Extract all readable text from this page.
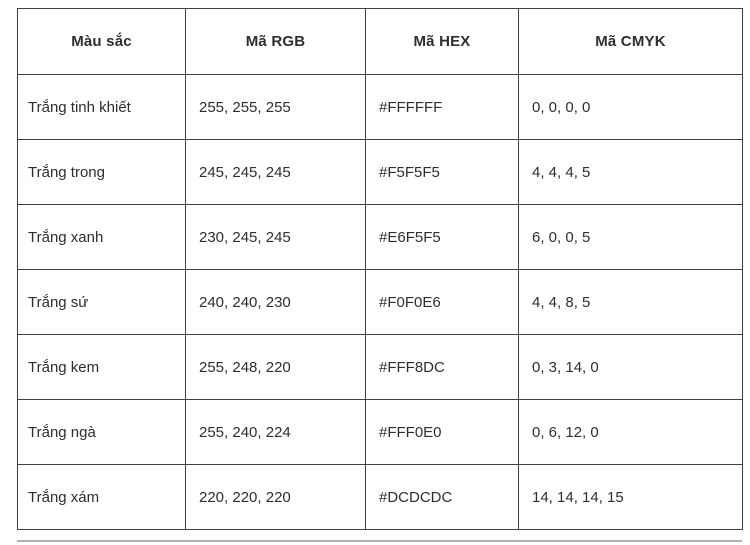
Màu sắc	Mã RGB	Mã HEX	Mã CMYK
Trắng tinh khiết	255, 255, 255	#FFFFFF	0, 0, 0, 0
Trắng trong	245, 245, 245	#F5F5F5	4, 4, 4, 5
Trắng xanh	230, 245, 245	#E6F5F5	6, 0, 0, 5
Trắng sứ	240, 240, 230	#F0F0E6	4, 4, 8, 5
Trắng kem	255, 248, 220	#FFF8DC	0, 3, 14, 0
Trắng ngà	255, 240, 224	#FFF0E0	0, 6, 12, 0
Trắng xám	220, 220, 220	#DCDCDC	14, 14, 14, 15
